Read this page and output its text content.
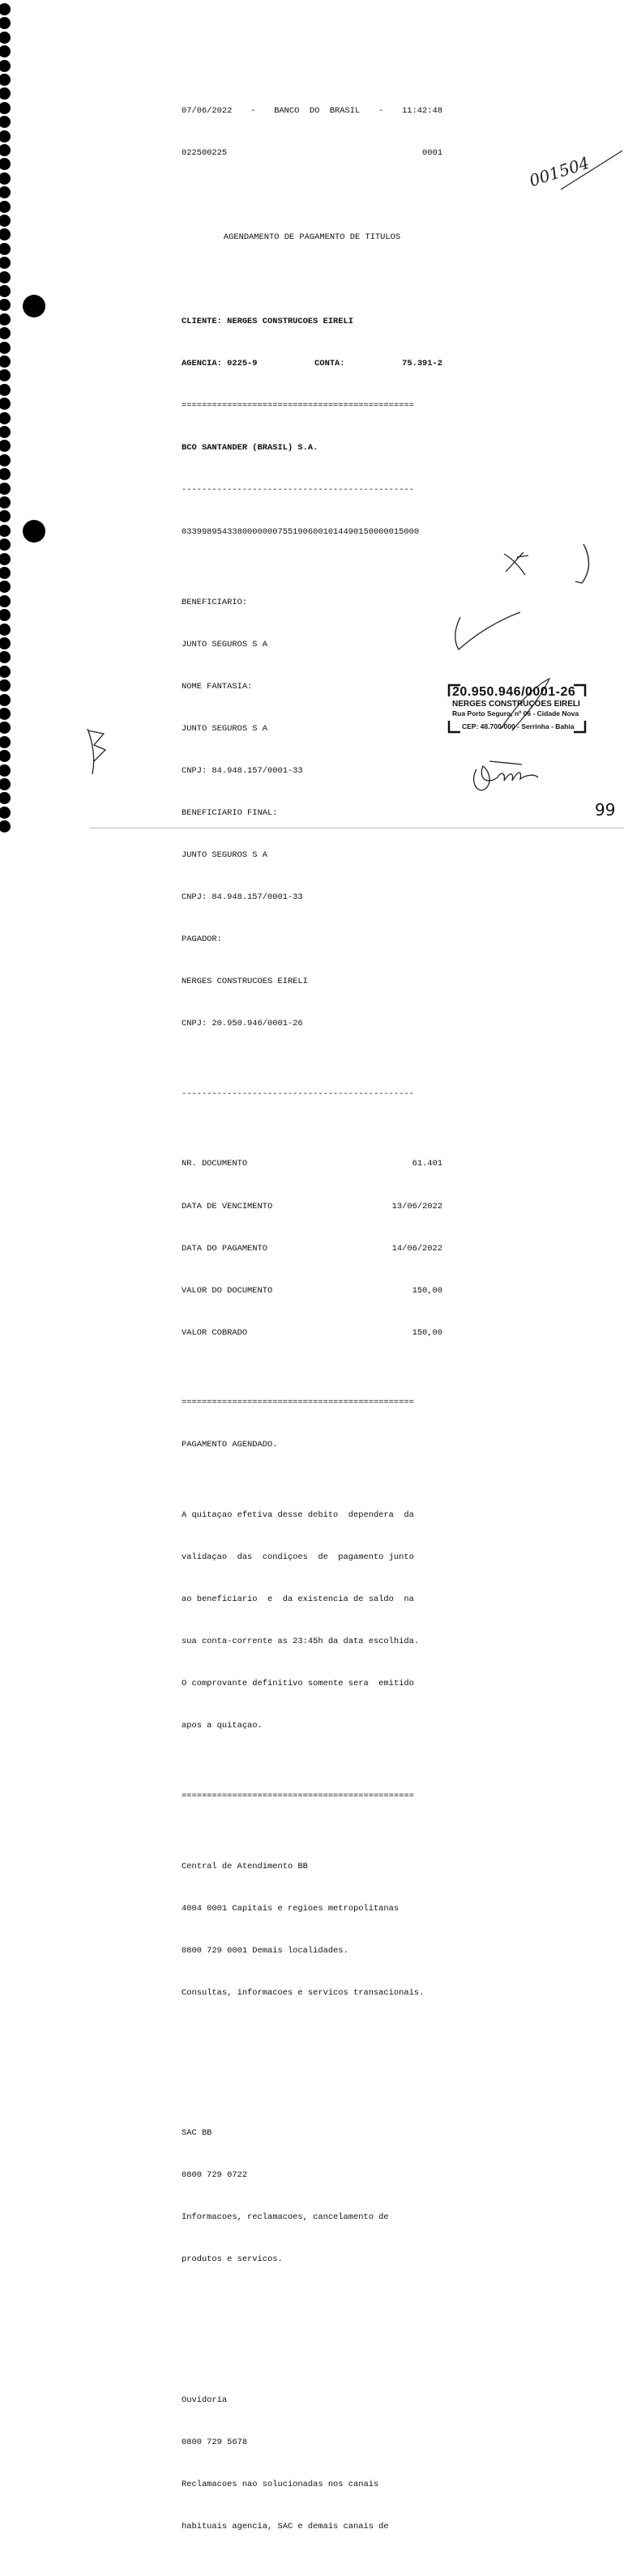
07/06/2022 - BANCO  DO  BRASIL - 11:42:48

022500225	0001

AGENDAMENTO DE PAGAMENTO DE TITULOS

CLIENTE: NERGES CONSTRUCOES EIRELI

AGENCIA: 0225-9	CONTA:	75.391-2

==============================================

BCO SANTANDER (BRASIL) S.A.

----------------------------------------------

03399895433800000007551906001014490150000015000

BENEFICIARIO:

JUNTO SEGUROS S A

NOME FANTASIA:

JUNTO SEGUROS S A

CNPJ: 84.948.157/0001-33

BENEFICIARIO FINAL:

JUNTO SEGUROS S A

CNPJ: 84.948.157/0001-33

PAGADOR:

NERGES CONSTRUCOES EIRELI

CNPJ: 20.950.946/0001-26

----------------------------------------------

NR. DOCUMENTO	61.401

DATA DE VENCIMENTO	13/06/2022

DATA DO PAGAMENTO	14/06/2022

VALOR DO DOCUMENTO	150,00

VALOR COBRADO	150,00

==============================================

PAGAMENTO AGENDADO.

A quitaçao efetiva desse debito  dependera  da

validaçao  das  condiçoes  de  pagamento junto

ao beneficiario  e  da existencia de saldo  na

sua conta-corrente as 23:45h da data escolhida.

O comprovante definitivo somente sera  emitido

apos a quitaçao.

==============================================

Central de Atendimento BB

4004 0001 Capitais e regioes metropolitanas

0800 729 0001 Demais localidades.

Consultas, informacoes e servicos transacionais.

SAC BB

0800 729 0722

Informacoes, reclamacoes, cancelamento de

produtos e servicos.

Ouvidoria

0800 729 5678

Reclamacoes nao solucionadas nos canais

habituais agencia, SAC e demais canais de

001504
20.950.946/0001-26
NERGES CONSTRUÇOES EIRELI
Rua Porto Seguro, nº 06 - Cidade Nova
CEP: 48.700-000 - Serrinha - Bahia
99
